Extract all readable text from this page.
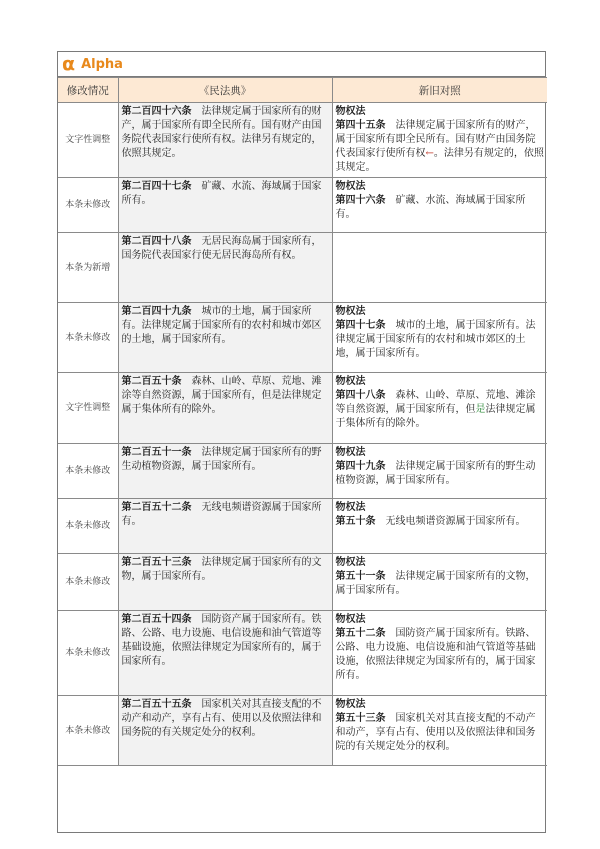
α Alpha
修改情况	《民法典》	新旧对照
文字性调整	第二百四十六条　法律规定属于国家所有的财产，属于国家所有即全民所有。国有财产由国务院代表国家行使所有权。法律另有规定的，依照其规定。	物权法
第四十五条　法律规定属于国家所有的财产，属于国家所有即全民所有。国有财产由国务院代表国家行使所有权←。法律另有规定的，依照其规定。
本条未修改	第二百四十七条　矿藏、水流、海域属于国家所有。	物权法
第四十六条　矿藏、水流、海域属于国家所有。
本条为新增	第二百四十八条　无居民海岛属于国家所有，国务院代表国家行使无居民海岛所有权。	
本条未修改	第二百四十九条　城市的土地，属于国家所有。法律规定属于国家所有的农村和城市郊区的土地，属于国家所有。	物权法
第四十七条　城市的土地，属于国家所有。法律规定属于国家所有的农村和城市郊区的土地，属于国家所有。
文字性调整	第二百五十条　森林、山岭、草原、荒地、滩涂等自然资源，属于国家所有，但是法律规定属于集体所有的除外。	物权法
第四十八条　森林、山岭、草原、荒地、滩涂等自然资源，属于国家所有，但是法律规定属于集体所有的除外。
本条未修改	第二百五十一条　法律规定属于国家所有的野生动植物资源，属于国家所有。	物权法
第四十九条　法律规定属于国家所有的野生动植物资源，属于国家所有。
本条未修改	第二百五十二条　无线电频谱资源属于国家所有。	物权法
第五十条　无线电频谱资源属于国家所有。
本条未修改	第二百五十三条　法律规定属于国家所有的文物，属于国家所有。	物权法
第五十一条　法律规定属于国家所有的文物，属于国家所有。
本条未修改	第二百五十四条　国防资产属于国家所有。铁路、公路、电力设施、电信设施和油气管道等基础设施，依照法律规定为国家所有的，属于国家所有。	物权法
第五十二条　国防资产属于国家所有。铁路、公路、电力设施、电信设施和油气管道等基础设施，依照法律规定为国家所有的，属于国家所有。
本条未修改	第二百五十五条　国家机关对其直接支配的不动产和动产，享有占有、使用以及依照法律和国务院的有关规定处分的权利。	物权法
第五十三条　国家机关对其直接支配的不动产和动产，享有占有、使用以及依照法律和国务院的有关规定处分的权利。
